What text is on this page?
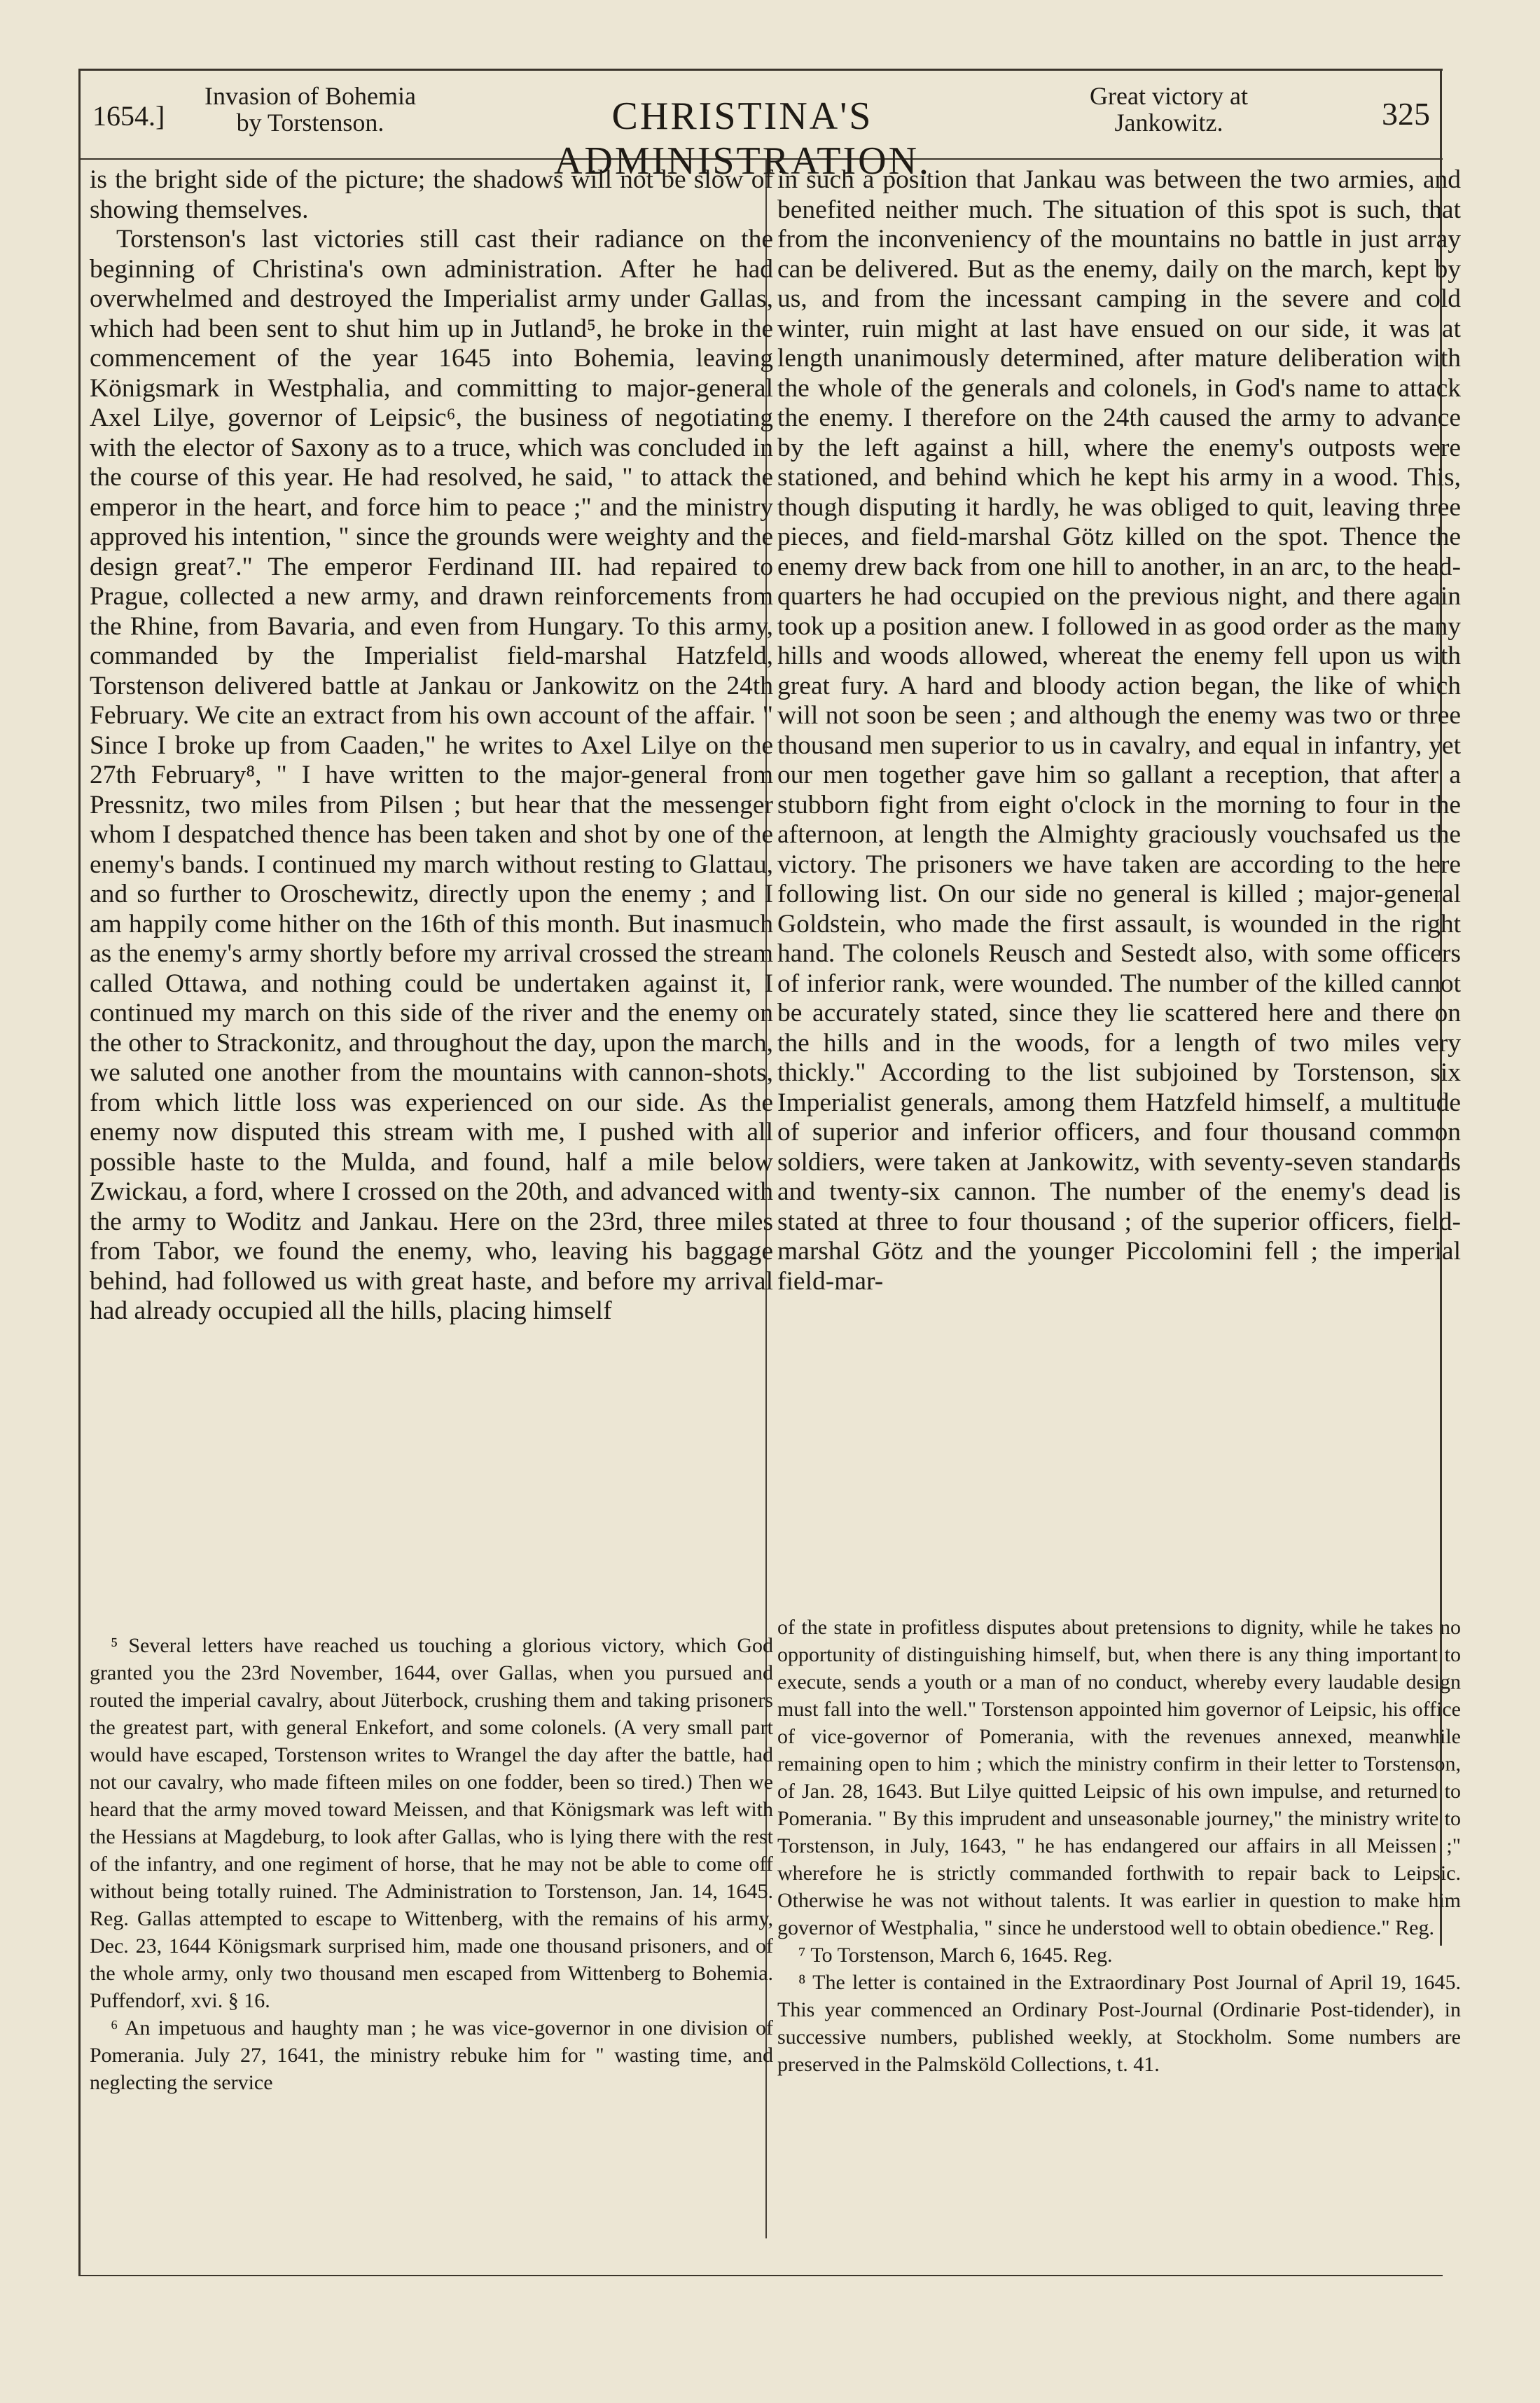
1654.]
Invasion of Bohemia by Torstenson.	CHRISTINA'S ADMINISTRATION.
Great victory at Jankowitz.	325

is the bright side of the picture; the shadows will not be slow of showing themselves.

Torstenson's last victories still cast their radiance on the beginning of Christina's own administration. After he had overwhelmed and destroyed the Imperialist army under Gallas, which had been sent to shut him up in Jutland⁵, he broke in the commencement of the year 1645 into Bohemia, leaving Königsmark in Westphalia, and committing to major-general Axel Lilye, governor of Leipsic⁶, the business of negotiating with the elector of Saxony as to a truce, which was concluded in the course of this year. He had resolved, he said, " to attack the emperor in the heart, and force him to peace ;" and the ministry approved his intention, " since the grounds were weighty and the design great⁷." The emperor Ferdinand III. had repaired to Prague, collected a new army, and drawn reinforcements from the Rhine, from Bavaria, and even from Hungary. To this army, commanded by the Imperialist field-marshal Hatzfeld, Torstenson delivered battle at Jankau or Jankowitz on the 24th February. We cite an extract from his own account of the affair. " Since I broke up from Caaden," he writes to Axel Lilye on the 27th February⁸, " I have written to the major-general from Pressnitz, two miles from Pilsen ; but hear that the messenger whom I despatched thence has been taken and shot by one of the enemy's bands. I continued my march without resting to Glattau, and so further to Oroschewitz, directly upon the enemy ; and I am happily come hither on the 16th of this month. But inasmuch as the enemy's army shortly before my arrival crossed the stream called Ottawa, and nothing could be undertaken against it, I continued my march on this side of the river and the enemy on the other to Strackonitz, and throughout the day, upon the march, we saluted one another from the mountains with cannon-shots, from which little loss was experienced on our side. As the enemy now disputed this stream with me, I pushed with all possible haste to the Mulda, and found, half a mile below Zwickau, a ford, where I crossed on the 20th, and advanced with the army to Woditz and Jankau. Here on the 23rd, three miles from Tabor, we found the enemy, who, leaving his baggage behind, had followed us with great haste, and before my arrival had already occupied all the hills, placing himself

in such a position that Jankau was between the two armies, and benefited neither much. The situation of this spot is such, that from the inconveniency of the mountains no battle in just array can be delivered. But as the enemy, daily on the march, kept by us, and from the incessant camping in the severe and cold winter, ruin might at last have ensued on our side, it was at length unanimously determined, after mature deliberation with the whole of the generals and colonels, in God's name to attack the enemy. I therefore on the 24th caused the army to advance by the left against a hill, where the enemy's outposts were stationed, and behind which he kept his army in a wood. This, though disputing it hardly, he was obliged to quit, leaving three pieces, and field-marshal Götz killed on the spot. Thence the enemy drew back from one hill to another, in an arc, to the head-quarters he had occupied on the previous night, and there again took up a position anew. I followed in as good order as the many hills and woods allowed, whereat the enemy fell upon us with great fury. A hard and bloody action began, the like of which will not soon be seen ; and although the enemy was two or three thousand men superior to us in cavalry, and equal in infantry, yet our men together gave him so gallant a reception, that after a stubborn fight from eight o'clock in the morning to four in the afternoon, at length the Almighty graciously vouchsafed us the victory. The prisoners we have taken are according to the here following list. On our side no general is killed ; major-general Goldstein, who made the first assault, is wounded in the right hand. The colonels Reusch and Sestedt also, with some officers of inferior rank, were wounded. The number of the killed cannot be accurately stated, since they lie scattered here and there on the hills and in the woods, for a length of two miles very thickly." According to the list subjoined by Torstenson, six Imperialist generals, among them Hatzfeld himself, a multitude of superior and inferior officers, and four thousand common soldiers, were taken at Jankowitz, with seventy-seven standards and twenty-six cannon. The number of the enemy's dead is stated at three to four thousand ; of the superior officers, field-marshal Götz and the younger Piccolomini fell ; the imperial field-mar-

⁵ Several letters have reached us touching a glorious victory, which God granted you the 23rd November, 1644, over Gallas, when you pursued and routed the imperial cavalry, about Jüterbock, crushing them and taking prisoners the greatest part, with general Enkefort, and some colonels. (A very small part would have escaped, Torstenson writes to Wrangel the day after the battle, had not our cavalry, who made fifteen miles on one fodder, been so tired.) Then we heard that the army moved toward Meissen, and that Königsmark was left with the Hessians at Magdeburg, to look after Gallas, who is lying there with the rest of the infantry, and one regiment of horse, that he may not be able to come off without being totally ruined. The Administration to Torstenson, Jan. 14, 1645. Reg. Gallas attempted to escape to Wittenberg, with the remains of his army, Dec. 23, 1644 Königsmark surprised him, made one thousand prisoners, and of the whole army, only two thousand men escaped from Wittenberg to Bohemia. Puffendorf, xvi. § 16.

⁶ An impetuous and haughty man ; he was vice-governor in one division of Pomerania. July 27, 1641, the ministry rebuke him for " wasting time, and neglecting the service

of the state in profitless disputes about pretensions to dignity, while he takes no opportunity of distinguishing himself, but, when there is any thing important to execute, sends a youth or a man of no conduct, whereby every laudable design must fall into the well." Torstenson appointed him governor of Leipsic, his office of vice-governor of Pomerania, with the revenues annexed, meanwhile remaining open to him ; which the ministry confirm in their letter to Torstenson, of Jan. 28, 1643. But Lilye quitted Leipsic of his own impulse, and returned to Pomerania. " By this imprudent and unseasonable journey," the ministry write to Torstenson, in July, 1643, " he has endangered our affairs in all Meissen ;" wherefore he is strictly commanded forthwith to repair back to Leipsic. Otherwise he was not without talents. It was earlier in question to make him governor of Westphalia, " since he understood well to obtain obedience." Reg.

⁷ To Torstenson, March 6, 1645. Reg.

⁸ The letter is contained in the Extraordinary Post Journal of April 19, 1645. This year commenced an Ordinary Post-Journal (Ordinarie Post-tidender), in successive numbers, published weekly, at Stockholm. Some numbers are preserved in the Palmsköld Collections, t. 41.
